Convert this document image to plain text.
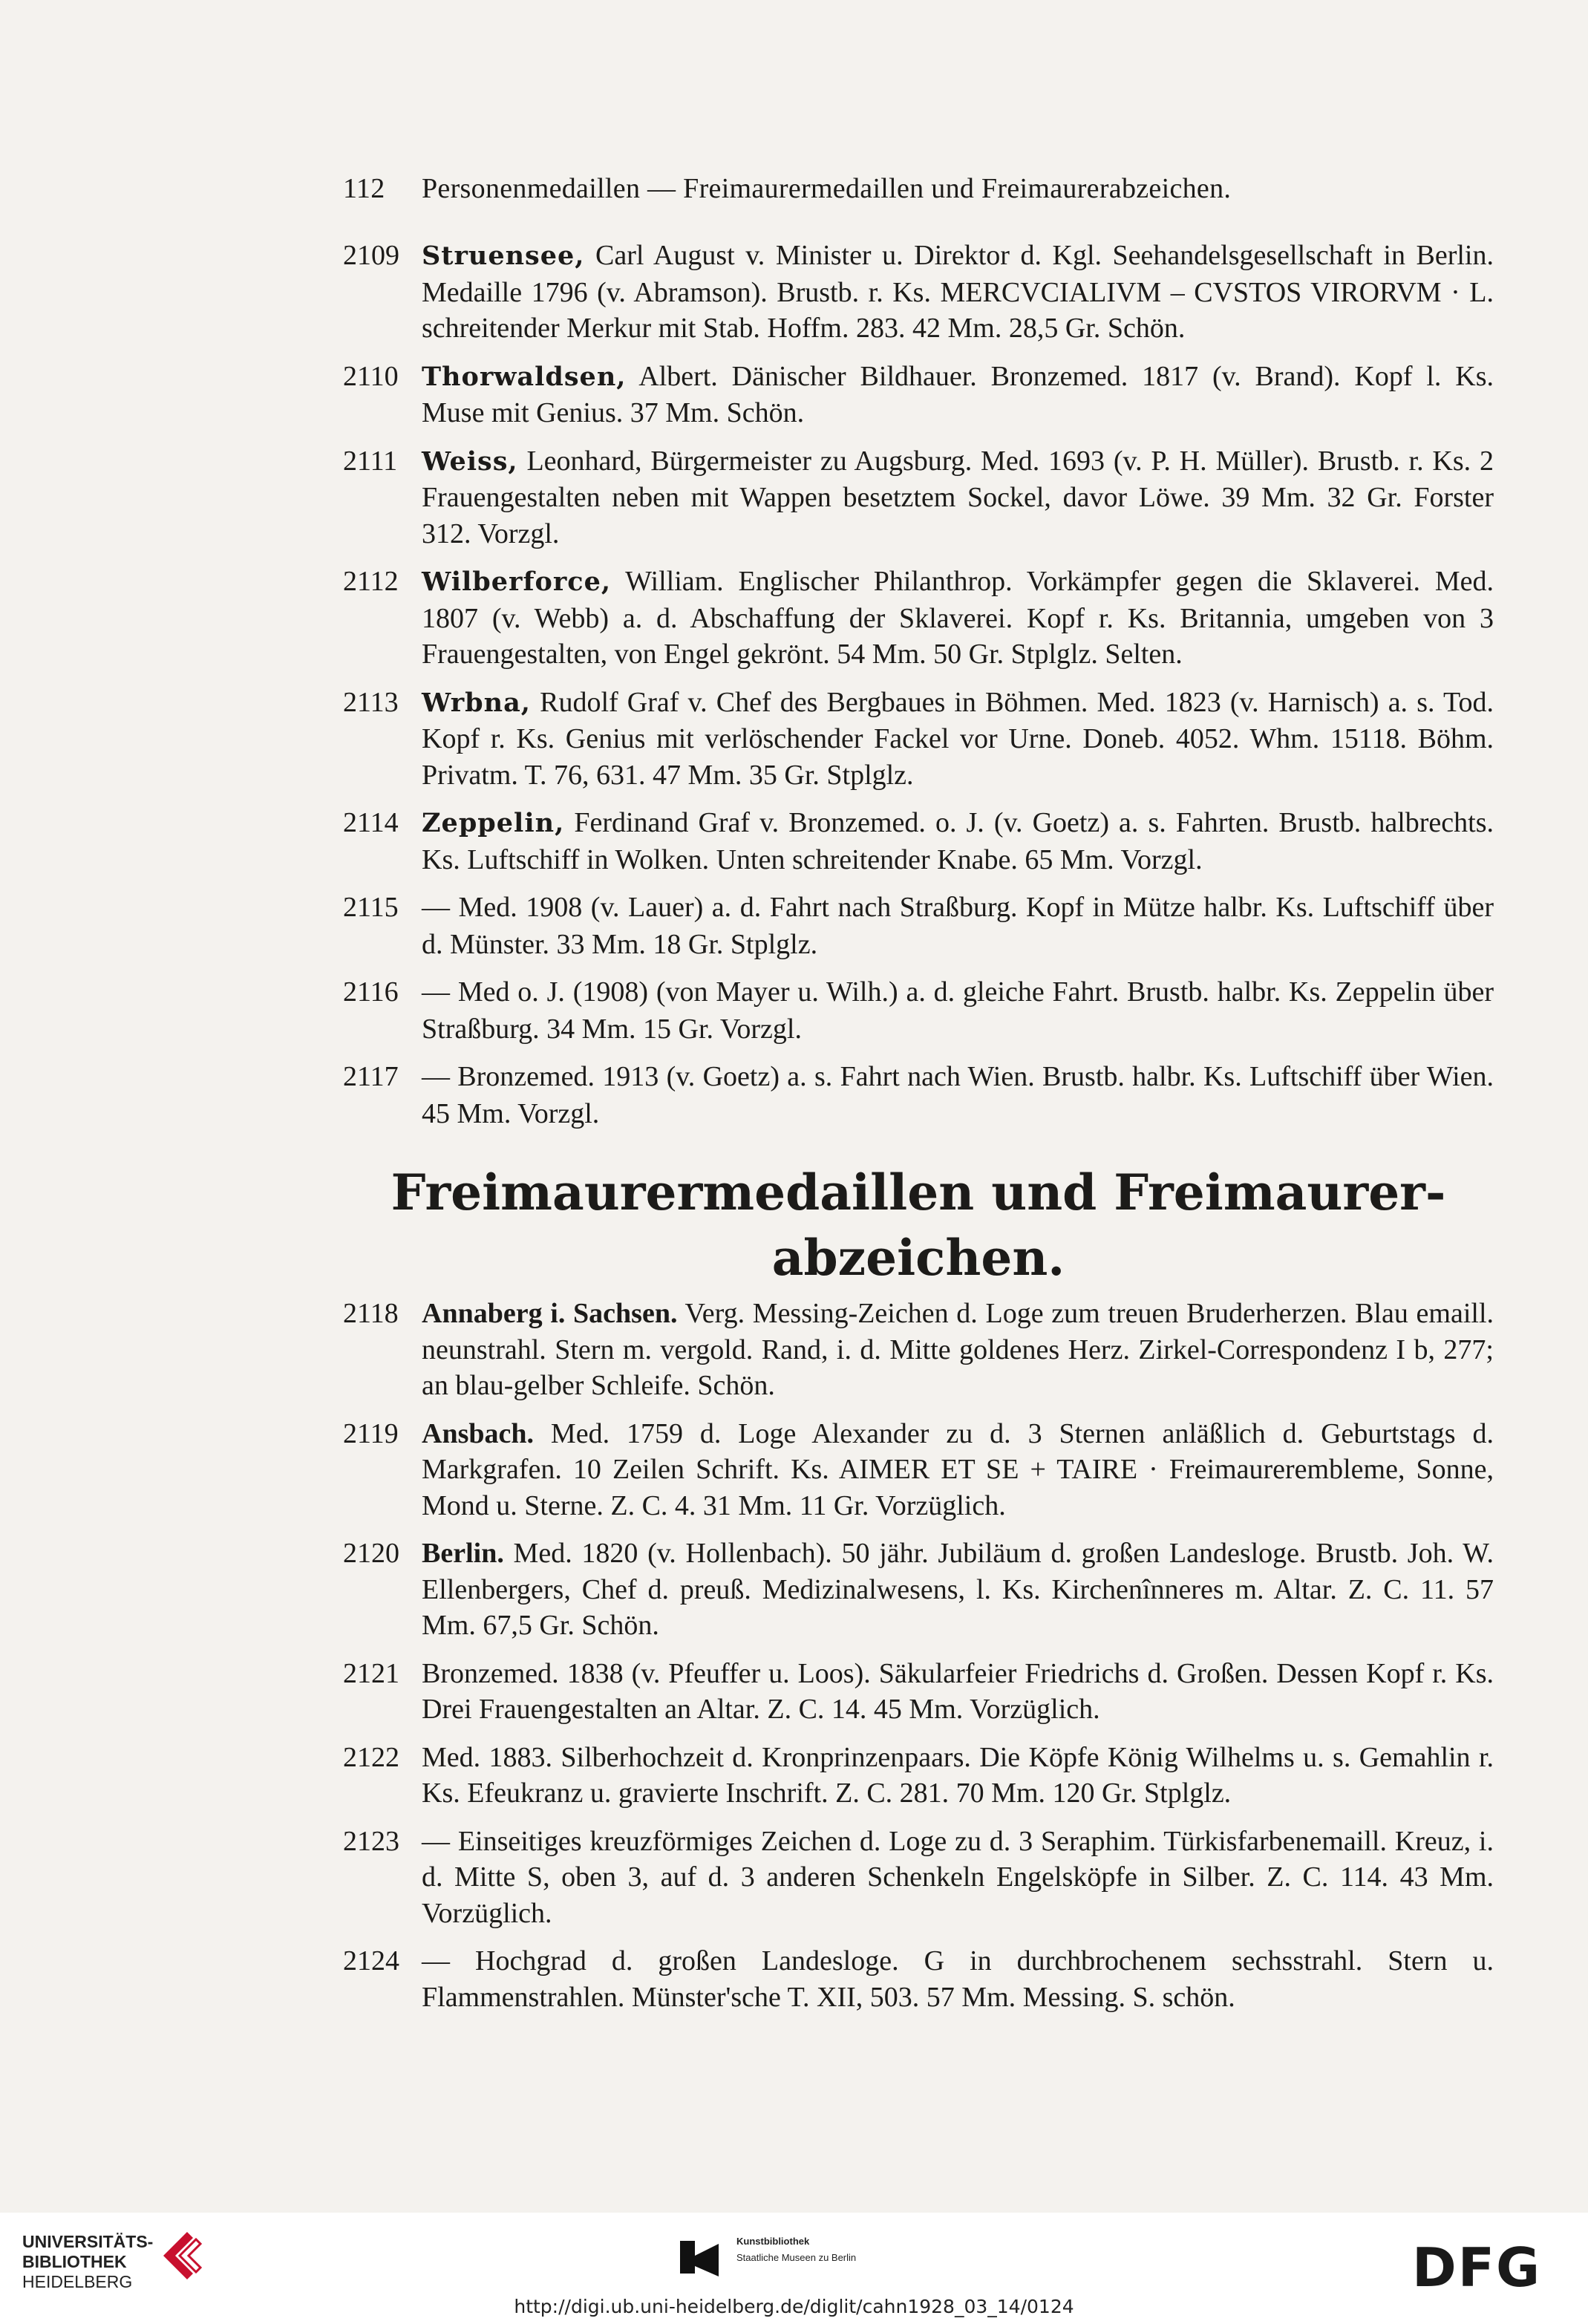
112 Personenmedaillen — Freimaurermedaillen und Freimaurerabzeichen.
2109 Struensee, Carl August v. Minister u. Direktor d. Kgl. Seehandelsgesellschaft in Berlin. Medaille 1796 (v. Abramson). Brustb. r. Ks. MERCVCIALIVM – CVSTOS VIRORVM · L. schreitender Merkur mit Stab. Hoffm. 283. 42 Mm. 28,5 Gr. Schön.
2110 Thorwaldsen, Albert. Dänischer Bildhauer. Bronzemed. 1817 (v. Brand). Kopf l. Ks. Muse mit Genius. 37 Mm. Schön.
2111 Weiss, Leonhard, Bürgermeister zu Augsburg. Med. 1693 (v. P. H. Müller). Brustb. r. Ks. 2 Frauengestalten neben mit Wappen besetztem Sockel, davor Löwe. 39 Mm. 32 Gr. Forster 312. Vorzgl.
2112 Wilberforce, William. Englischer Philanthrop. Vorkämpfer gegen die Sklaverei. Med. 1807 (v. Webb) a. d. Abschaffung der Sklaverei. Kopf r. Ks. Britannia, umgeben von 3 Frauengestalten, von Engel gekrönt. 54 Mm. 50 Gr. Stplglz. Selten.
2113 Wrbna, Rudolf Graf v. Chef des Bergbaues in Böhmen. Med. 1823 (v. Harnisch) a. s. Tod. Kopf r. Ks. Genius mit verlöschender Fackel vor Urne. Doneb. 4052. Whm. 15118. Böhm. Privatm. T. 76, 631. 47 Mm. 35 Gr. Stplglz.
2114 Zeppelin, Ferdinand Graf v. Bronzemed. o. J. (v. Goetz) a. s. Fahrten. Brustb. halbrechts. Ks. Luftschiff in Wolken. Unten schreitender Knabe. 65 Mm. Vorzgl.
2115 — Med. 1908 (v. Lauer) a. d. Fahrt nach Straßburg. Kopf in Mütze halbr. Ks. Luftschiff über d. Münster. 33 Mm. 18 Gr. Stplglz.
2116 — Med o. J. (1908) (von Mayer u. Wilh.) a. d. gleiche Fahrt. Brustb. halbr. Ks. Zeppelin über Straßburg. 34 Mm. 15 Gr. Vorzgl.
2117 — Bronzemed. 1913 (v. Goetz) a. s. Fahrt nach Wien. Brustb. halbr. Ks. Luftschiff über Wien. 45 Mm. Vorzgl.
Freimaurermedaillen und Freimaurer-abzeichen.
2118 Annaberg i. Sachsen. Verg. Messing-Zeichen d. Loge zum treuen Bruderherzen. Blau emaill. neunstrahl. Stern m. vergold. Rand, i. d. Mitte goldenes Herz. Zirkel-Correspondenz I b, 277; an blau-gelber Schleife. Schön.
2119 Ansbach. Med. 1759 d. Loge Alexander zu d. 3 Sternen anläßlich d. Geburtstags d. Markgrafen. 10 Zeilen Schrift. Ks. AIMER ET SE + TAIRE · Freimaurerembleme, Sonne, Mond u. Sterne. Z. C. 4. 31 Mm. 11 Gr. Vorzüglich.
2120 Berlin. Med. 1820 (v. Hollenbach). 50 jähr. Jubiläum d. großen Landesloge. Brustb. Joh. W. Ellenbergers, Chef d. preuß. Medizinalwesens, l. Ks. Kirchenînneres m. Altar. Z. C. 11. 57 Mm. 67,5 Gr. Schön.
2121 Bronzemed. 1838 (v. Pfeuffer u. Loos). Säkularfeier Friedrichs d. Großen. Dessen Kopf r. Ks. Drei Frauengestalten an Altar. Z. C. 14. 45 Mm. Vorzüglich.
2122 Med. 1883. Silberhochzeit d. Kronprinzenpaars. Die Köpfe König Wilhelms u. s. Gemahlin r. Ks. Efeukranz u. gravierte Inschrift. Z. C. 281. 70 Mm. 120 Gr. Stplglz.
2123 — Einseitiges kreuzförmiges Zeichen d. Loge zu d. 3 Seraphim. Türkisfarbenemaill. Kreuz, i. d. Mitte S, oben 3, auf d. 3 anderen Schenkeln Engelsköpfe in Silber. Z. C. 114. 43 Mm. Vorzüglich.
2124 — Hochgrad d. großen Landesloge. G in durchbrochenem sechsstrahl. Stern u. Flammenstrahlen. Münster'sche T. XII, 503. 57 Mm. Messing. S. schön.
UNIVERSITÄTS-
BIBLIOTHEK
HEIDELBERG
Kunstbibliothek
Staatliche Museen zu Berlin	DFG
http://digi.ub.uni-heidelberg.de/diglit/cahn1928_03_14/0124
